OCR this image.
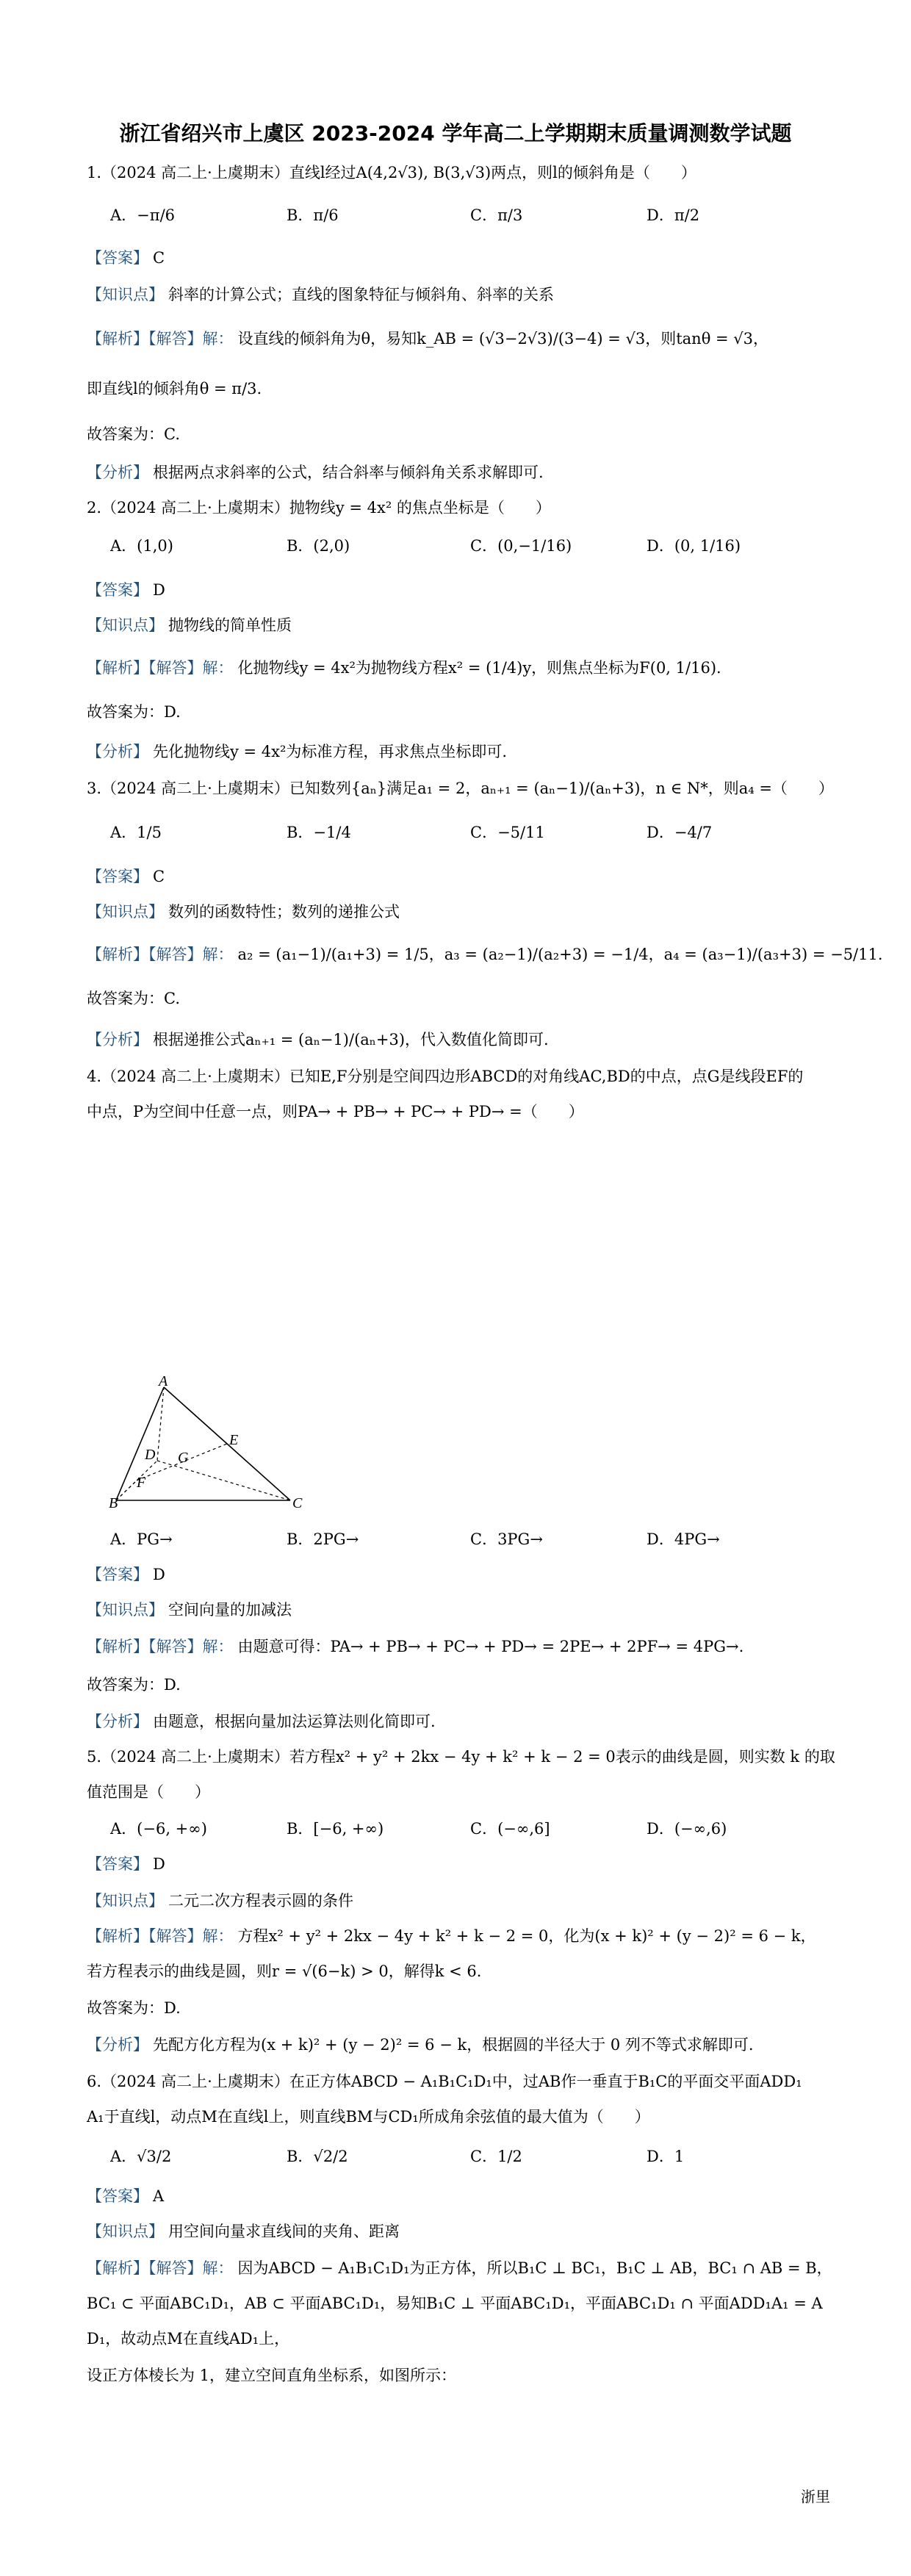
浙江省绍兴市上虞区 2023-2024 学年高二上学期期末质量调测数学试题
1.（2024 高二上·上虞期末）直线l经过A(4,2√3), B(3,√3)两点，则l的倾斜角是（　　）
A．−π/6	B．π/6	C．π/3	D．π/2
【答案】 C
【知识点】 斜率的计算公式；直线的图象特征与倾斜角、斜率的关系
【解析】【解答】解： 设直线的倾斜角为θ，易知k_AB = (√3−2√3)/(3−4) = √3，则tanθ = √3，
即直线l的倾斜角θ = π/3.
故答案为：C.
【分析】 根据两点求斜率的公式，结合斜率与倾斜角关系求解即可.
2.（2024 高二上·上虞期末）抛物线y = 4x² 的焦点坐标是（　　）
A．(1,0)	B．(2,0)	C．(0,−1/16)	D．(0, 1/16)
【答案】 D
【知识点】 抛物线的简单性质
【解析】【解答】解： 化抛物线y = 4x²为抛物线方程x² = (1/4)y，则焦点坐标为F(0, 1/16).
故答案为：D.
【分析】 先化抛物线y = 4x²为标准方程，再求焦点坐标即可.
3.（2024 高二上·上虞期末）已知数列{aₙ}满足a₁ = 2，aₙ₊₁ = (aₙ−1)/(aₙ+3)，n ∈ N*，则a₄ =（　　）
A．1/5	B．−1/4	C．−5/11	D．−4/7
【答案】 C
【知识点】 数列的函数特性；数列的递推公式
【解析】【解答】解： a₂ = (a₁−1)/(a₁+3) = 1/5，a₃ = (a₂−1)/(a₂+3) = −1/4，a₄ = (a₃−1)/(a₃+3) = −5/11.
故答案为：C.
【分析】 根据递推公式aₙ₊₁ = (aₙ−1)/(aₙ+3)，代入数值化简即可.
4.（2024 高二上·上虞期末）已知E,F分别是空间四边形ABCD的对角线AC,BD的中点，点G是线段EF的
中点，P为空间中任意一点，则PA→ + PB→ + PC→ + PD→ =（　　）
A
B	C
D
E
F
G
A．PG→	B．2PG→	C．3PG→	D．4PG→
【答案】 D
【知识点】 空间向量的加减法
【解析】【解答】解： 由题意可得：PA→ + PB→ + PC→ + PD→ = 2PE→ + 2PF→ = 4PG→.
故答案为：D.
【分析】 由题意，根据向量加法运算法则化简即可.
5.（2024 高二上·上虞期末）若方程x² + y² + 2kx − 4y + k² + k − 2 = 0表示的曲线是圆，则实数 k 的取
值范围是（　　）
A．(−6, +∞)	B．[−6, +∞)	C．(−∞,6]	D．(−∞,6)
【答案】 D
【知识点】 二元二次方程表示圆的条件
【解析】【解答】解： 方程x² + y² + 2kx − 4y + k² + k − 2 = 0，化为(x + k)² + (y − 2)² = 6 − k，
若方程表示的曲线是圆，则r = √(6−k) > 0，解得k < 6.
故答案为：D.
【分析】 先配方化方程为(x + k)² + (y − 2)² = 6 − k，根据圆的半径大于 0 列不等式求解即可.
6.（2024 高二上·上虞期末）在正方体ABCD − A₁B₁C₁D₁中，过AB作一垂直于B₁C的平面交平面ADD₁
A₁于直线l，动点M在直线l上，则直线BM与CD₁所成角余弦值的最大值为（　　）
A．√3/2	B．√2/2	C．1/2	D．1
【答案】 A
【知识点】 用空间向量求直线间的夹角、距离
【解析】【解答】解： 因为ABCD − A₁B₁C₁D₁为正方体，所以B₁C ⊥ BC₁，B₁C ⊥ AB，BC₁ ∩ AB = B，
BC₁ ⊂ 平面ABC₁D₁，AB ⊂ 平面ABC₁D₁，易知B₁C ⊥ 平面ABC₁D₁，平面ABC₁D₁ ∩ 平面ADD₁A₁ = A
D₁，故动点M在直线AD₁上，
设正方体棱长为 1，建立空间直角坐标系，如图所示：
浙里
